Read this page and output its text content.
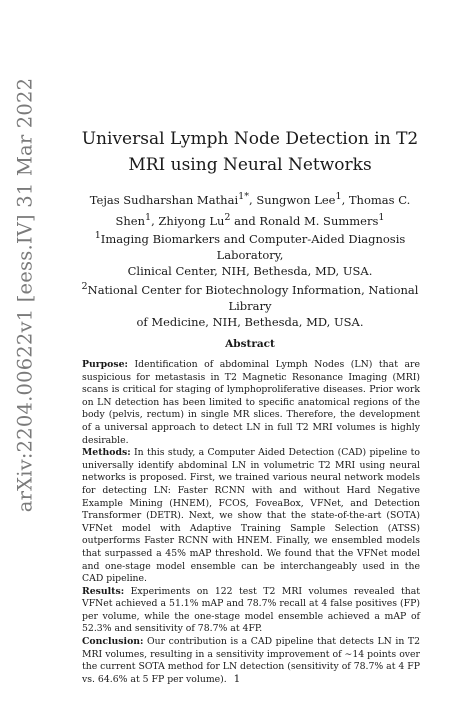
arXiv:2204.00622v1 [eess.IV] 31 Mar 2022	Universal Lymph Node Detection in T2
MRI using Neural Networks
Tejas Sudharshan Mathai$^{1*}$, Sungwon Lee$^1$, Thomas C.
Shen$^1$, Zhiyong Lu$^2$ and Ronald M. Summers$^1$

$^1$Imaging Biomarkers and Computer-Aided Diagnosis Laboratory,

Clinical Center, NIH, Bethesda, MD, USA.

$^2$National Center for Biotechnology Information, National Library

of Medicine, NIH, Bethesda, MD, USA.

Abstract

Purpose: Identification of abdominal Lymph Nodes (LN) that are suspicious for metastasis in T2 Magnetic Resonance Imaging (MRI) scans is critical for staging of lymphoproliferative diseases. Prior work on LN detection has been limited to specific anatomical regions of the body (pelvis, rectum) in single MR slices. Therefore, the development of a universal approach to detect LN in full T2 MRI volumes is highly desirable.

Methods: In this study, a Computer Aided Detection (CAD) pipeline to universally identify abdominal LN in volumetric T2 MRI using neural networks is proposed. First, we trained various neural network models for detecting LN: Faster RCNN with and without Hard Negative Example Mining (HNEM), FCOS, FoveaBox, VFNet, and Detection Transformer (DETR). Next, we show that the state-of-the-art (SOTA) VFNet model with Adaptive Training Sample Selection (ATSS) outperforms Faster RCNN with HNEM. Finally, we ensembled models that surpassed a 45% mAP threshold. We found that the VFNet model and one-stage model ensemble can be interchangeably used in the CAD pipeline.

Results: Experiments on 122 test T2 MRI volumes revealed that VFNet achieved a 51.1% mAP and 78.7% recall at 4 false positives (FP) per volume, while the one-stage model ensemble achieved a mAP of 52.3% and sensitivity of 78.7% at 4FP.

Conclusion: Our contribution is a CAD pipeline that detects LN in T2 MRI volumes, resulting in a sensitivity improvement of ∼14 points over the current SOTA method for LN detection (sensitivity of 78.7% at 4 FP vs. 64.6% at 5 FP per volume). 1
